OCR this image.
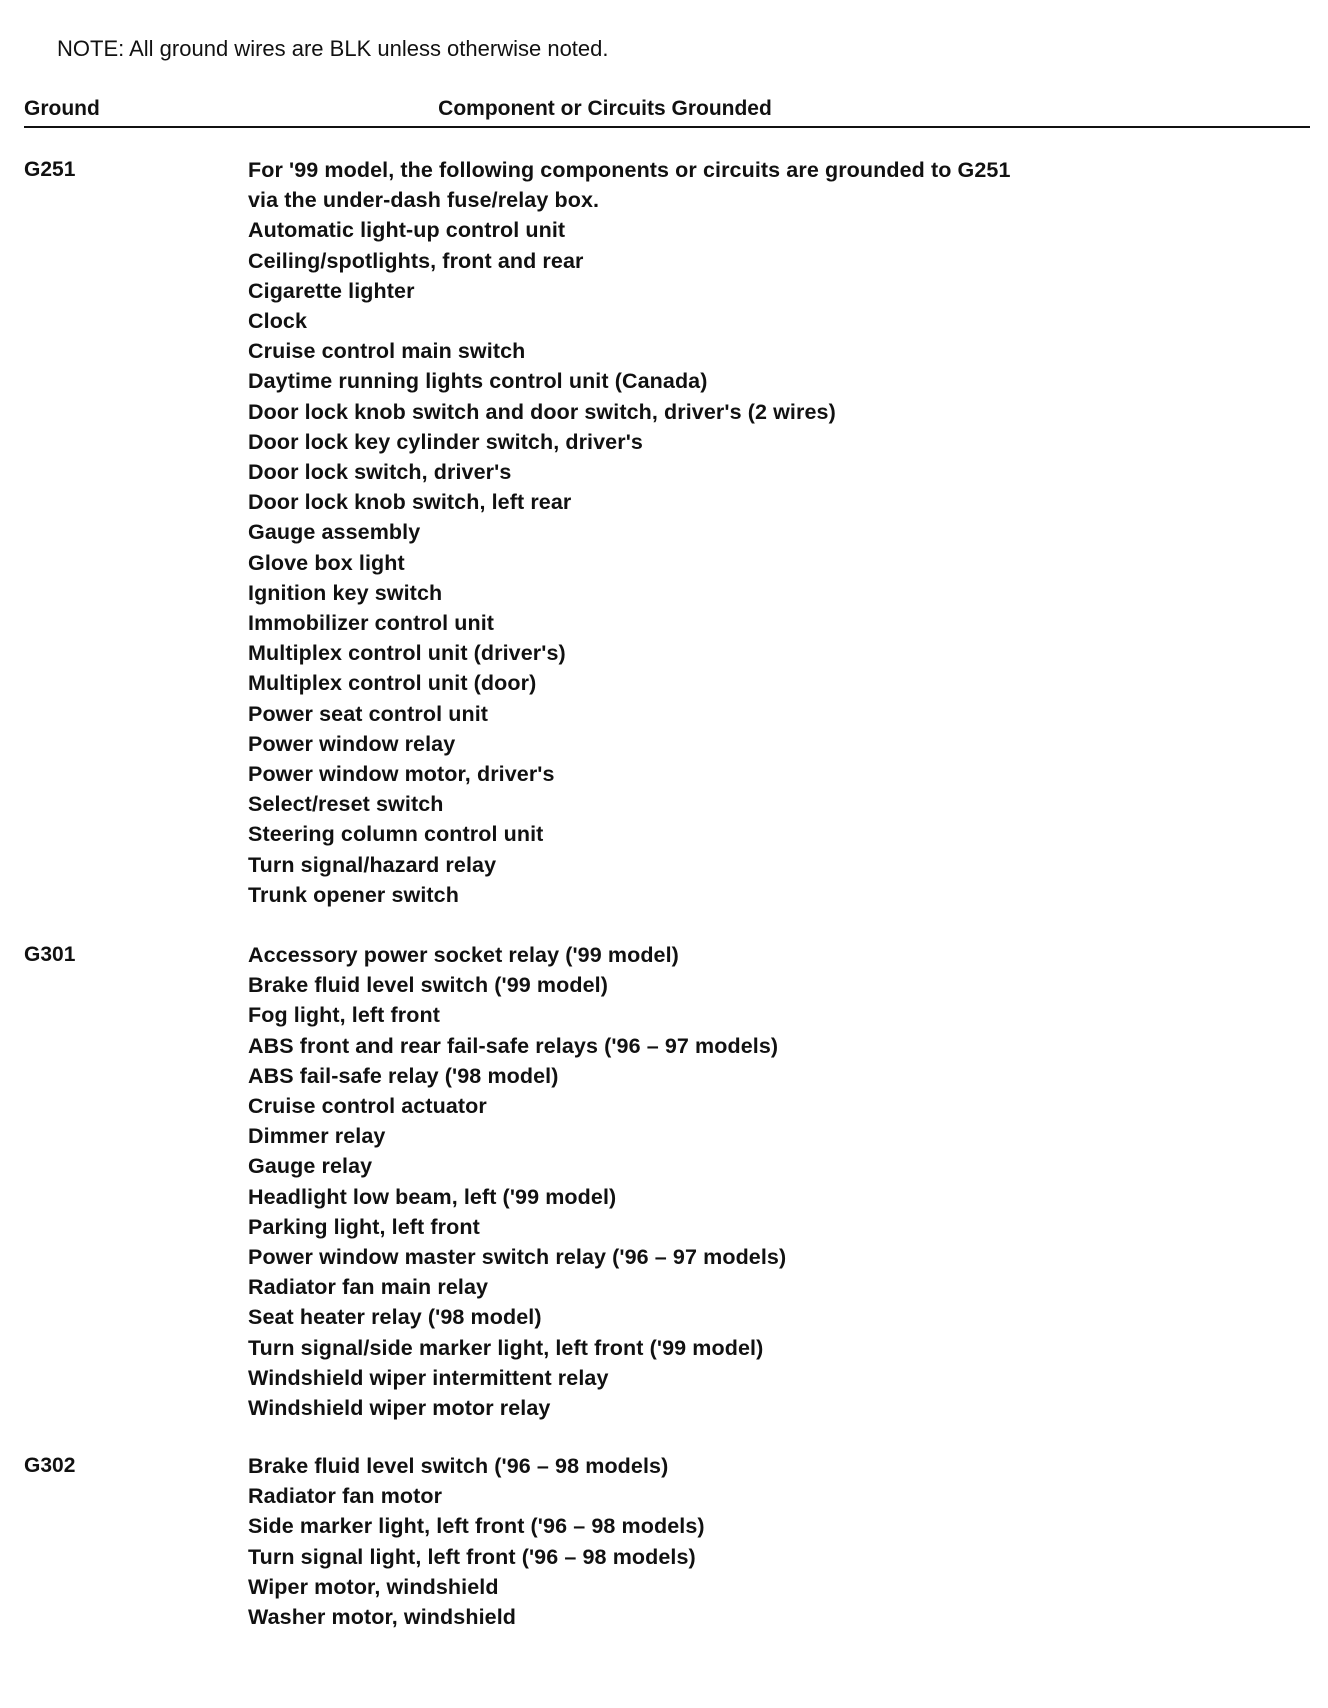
NOTE: All ground wires are BLK unless otherwise noted.
Ground	Component or Circuits Grounded
G251	For '99 model, the following components or circuits are grounded to G251
via the under-dash fuse/relay box.
Automatic light-up control unit
Ceiling/spotlights, front and rear
Cigarette lighter
Clock
Cruise control main switch
Daytime running lights control unit (Canada)
Door lock knob switch and door switch, driver's (2 wires)
Door lock key cylinder switch, driver's
Door lock switch, driver's
Door lock knob switch, left rear
Gauge assembly
Glove box light
Ignition key switch
Immobilizer control unit
Multiplex control unit (driver's)
Multiplex control unit (door)
Power seat control unit
Power window relay
Power window motor, driver's
Select/reset switch
Steering column control unit
Turn signal/hazard relay
Trunk opener switch
G301	Accessory power socket relay ('99 model)
Brake fluid level switch ('99 model)
Fog light, left front
ABS front and rear fail-safe relays ('96 – 97 models)
ABS fail-safe relay ('98 model)
Cruise control actuator
Dimmer relay
Gauge relay
Headlight low beam, left ('99 model)
Parking light, left front
Power window master switch relay ('96 – 97 models)
Radiator fan main relay
Seat heater relay ('98 model)
Turn signal/side marker light, left front ('99 model)
Windshield wiper intermittent relay
Windshield wiper motor relay
G302	Brake fluid level switch ('96 – 98 models)
Radiator fan motor
Side marker light, left front ('96 – 98 models)
Turn signal light, left front ('96 – 98 models)
Wiper motor, windshield
Washer motor, windshield
